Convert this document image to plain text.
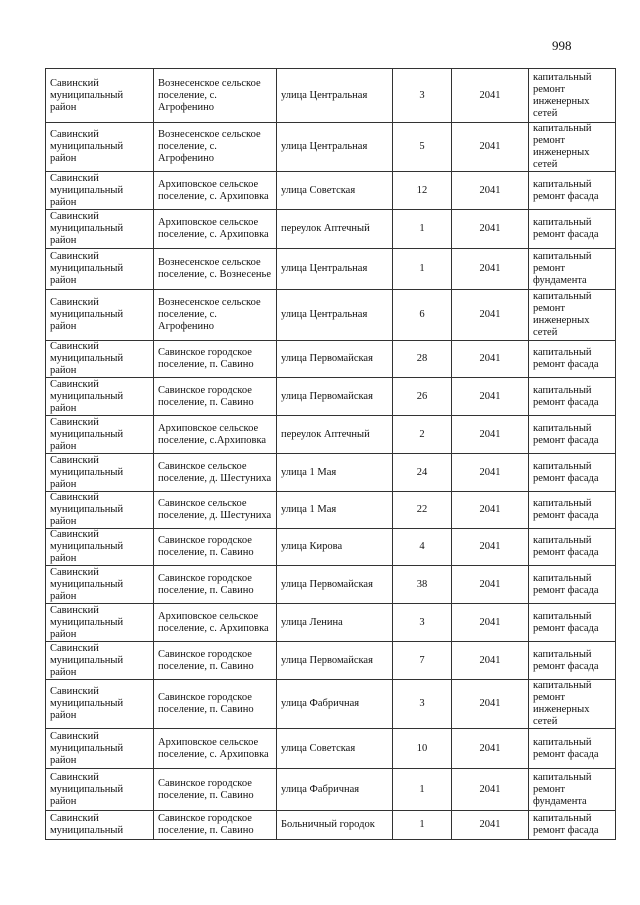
998
Савинский муниципальный район	Вознесенское сельское поселение, с. Агрофенино	улица Центральная	3	2041	капитальный ремонт инженерных сетей
Савинский муниципальный район	Вознесенское сельское поселение, с. Агрофенино	улица Центральная	5	2041	капитальный ремонт инженерных сетей
Савинский муниципальный район	Архиповское сельское поселение, с. Архиповка	улица Советская	12	2041	капитальный ремонт фасада
Савинский муниципальный район	Архиповское сельское поселение, с. Архиповка	переулок Аптечный	1	2041	капитальный ремонт фасада
Савинский муниципальный район	Вознесенское сельское поселение, с. Вознесенье	улица Центральная	1	2041	капитальный ремонт фундамента
Савинский муниципальный район	Вознесенское сельское поселение, с. Агрофенино	улица Центральная	6	2041	капитальный ремонт инженерных сетей
Савинский муниципальный район	Савинское городское поселение, п. Савино	улица Первомайская	28	2041	капитальный ремонт фасада
Савинский муниципальный район	Савинское городское поселение, п. Савино	улица Первомайская	26	2041	капитальный ремонт фасада
Савинский муниципальный район	Архиповское сельское поселение, с.Архиповка	переулок Аптечный	2	2041	капитальный ремонт фасада
Савинский муниципальный район	Савинское сельское поселение, д. Шестуниха	улица 1 Мая	24	2041	капитальный ремонт фасада
Савинский муниципальный район	Савинское сельское поселение, д. Шестуниха	улица 1 Мая	22	2041	капитальный ремонт фасада
Савинский муниципальный район	Савинское городское поселение, п. Савино	улица Кирова	4	2041	капитальный ремонт фасада
Савинский муниципальный район	Савинское городское поселение, п. Савино	улица Первомайская	38	2041	капитальный ремонт фасада
Савинский муниципальный район	Архиповское сельское поселение, с. Архиповка	улица Ленина	3	2041	капитальный ремонт фасада
Савинский муниципальный район	Савинское городское поселение, п. Савино	улица Первомайская	7	2041	капитальный ремонт фасада
Савинский муниципальный район	Савинское городское поселение, п. Савино	улица Фабричная	3	2041	капитальный ремонт инженерных сетей
Савинский муниципальный район	Архиповское сельское поселение, с. Архиповка	улица Советская	10	2041	капитальный ремонт фасада
Савинский муниципальный район	Савинское городское поселение, п. Савино	улица Фабричная	1	2041	капитальный ремонт фундамента
Савинский муниципальный	Савинское городское поселение, п. Савино	Больничный городок	1	2041	капитальный ремонт фасада
